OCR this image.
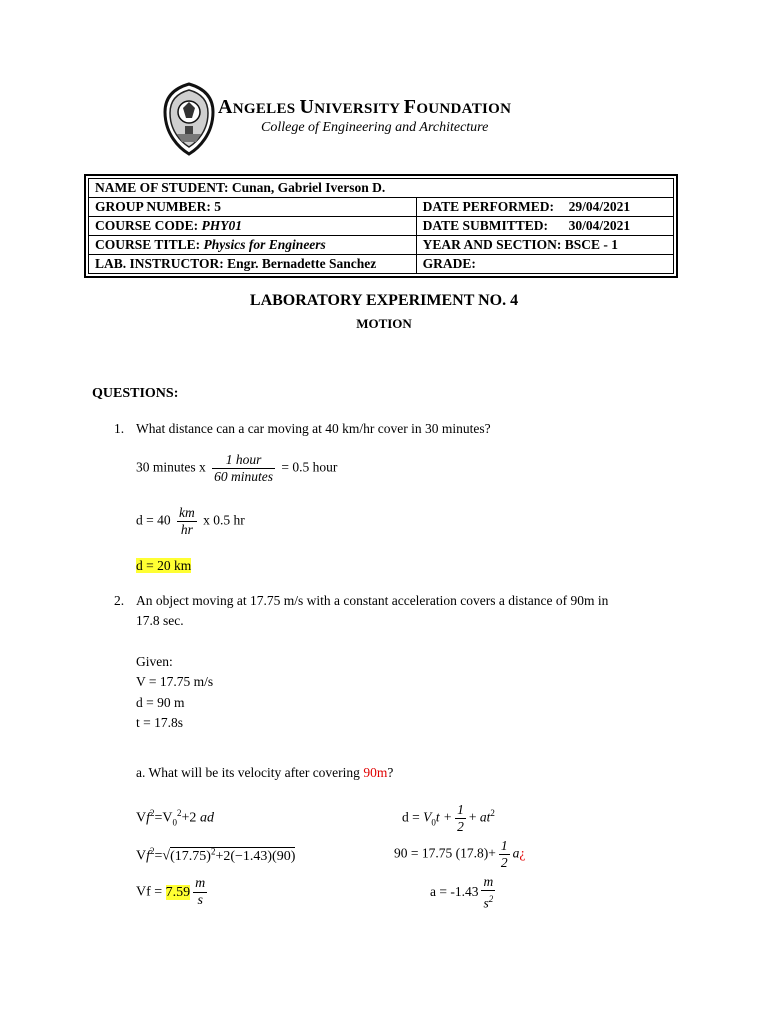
ANGELES UNIVERSITY FOUNDATION
College of Engineering and Architecture
NAME OF STUDENT: Cunan, Gabriel Iverson D.	
GROUP NUMBER: 5	DATE PERFORMED: 29/04/2021
COURSE CODE: PHY01	DATE SUBMITTED: 30/04/2021
COURSE TITLE: Physics for Engineers	YEAR AND SECTION: BSCE - 1
LAB. INSTRUCTOR: Engr. Bernadette Sanchez	GRADE:
LABORATORY EXPERIMENT NO. 4
MOTION
QUESTIONS:
1. What distance can a car moving at 40 km/hr cover in 30 minutes?
30 minutes x $\frac{\text{1 hour}}{\text{60 minutes}} = 0.5$ hour
$d = 40 \frac{km}{hr}$ x 0.5 hr
d = 20 km
2. An object moving at 17.75 m/s with a constant acceleration covers a distance of 90m in
17.8 sec.
Given:
V = 17.75 m/s
d = 90 m
t = 17.8s
a. What will be its velocity after covering 90m?
$Vf^2=V_0^2+2$ ad
$Vf^2=√(17.75)^2+2(-1.43)(90)$
$Vf = 7.59 \frac{m}{s}$
$d = V_0t + \frac{1}{2} + at^2$
90 = 17.75 $(17.8)+ \frac{1}{2}$ a¿
$a = -1.43 \frac{m}{s^2}$
